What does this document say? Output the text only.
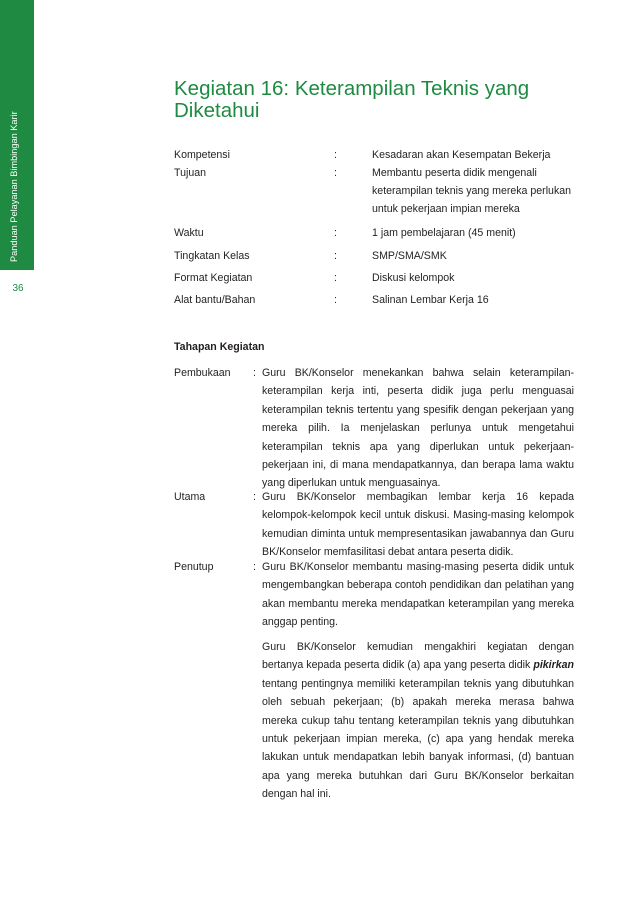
Panduan Pelayanan Bimbingan Karir
36
Kegiatan 16: Keterampilan Teknis yang Diketahui
Kompetensi	:	Kesadaran akan Kesempatan Bekerja
Tujuan	:	Membantu peserta didik mengenali keterampilan teknis yang mereka perlukan untuk pekerjaan impian mereka
Waktu	:	1 jam pembelajaran (45 menit)
Tingkatan Kelas	:	SMP/SMA/SMK
Format Kegiatan	:	Diskusi kelompok
Alat bantu/Bahan	:	Salinan Lembar Kerja 16
Tahapan Kegiatan
Pembukaan : Guru BK/Konselor menekankan bahwa selain keterampilan-keterampilan kerja inti, peserta didik juga perlu menguasai keterampilan teknis tertentu yang spesifik dengan pekerjaan yang mereka pilih. Ia menjelaskan perlunya untuk mengetahui keterampilan teknis apa yang diperlukan untuk pekerjaan-pekerjaan ini, di mana mendapatkannya, dan berapa lama waktu yang diperlukan untuk menguasainya.

Utama	: Guru BK/Konselor membagikan lembar kerja 16 kepada kelompok-kelompok kecil untuk diskusi. Masing-masing kelompok kemudian diminta untuk mempresentasikan jawabannya dan Guru BK/Konselor memfasilitasi debat antara peserta didik.

Penutup	: Guru BK/Konselor membantu masing-masing peserta didik untuk mengembangkan beberapa contoh pendidikan dan pelatihan yang akan membantu mereka mendapatkan keterampilan yang mereka anggap penting.

Guru BK/Konselor kemudian mengakhiri kegiatan dengan bertanya kepada peserta didik (a) apa yang peserta didik pikirkan tentang pentingnya memiliki keterampilan teknis yang dibutuhkan oleh sebuah pekerjaan; (b) apakah mereka merasa bahwa mereka cukup tahu tentang keterampilan teknis yang dibutuhkan untuk pekerjaan impian mereka, (c) apa yang hendak mereka lakukan untuk mendapatkan lebih banyak informasi, (d) bantuan apa yang mereka butuhkan dari Guru BK/Konselor berkaitan dengan hal ini.
